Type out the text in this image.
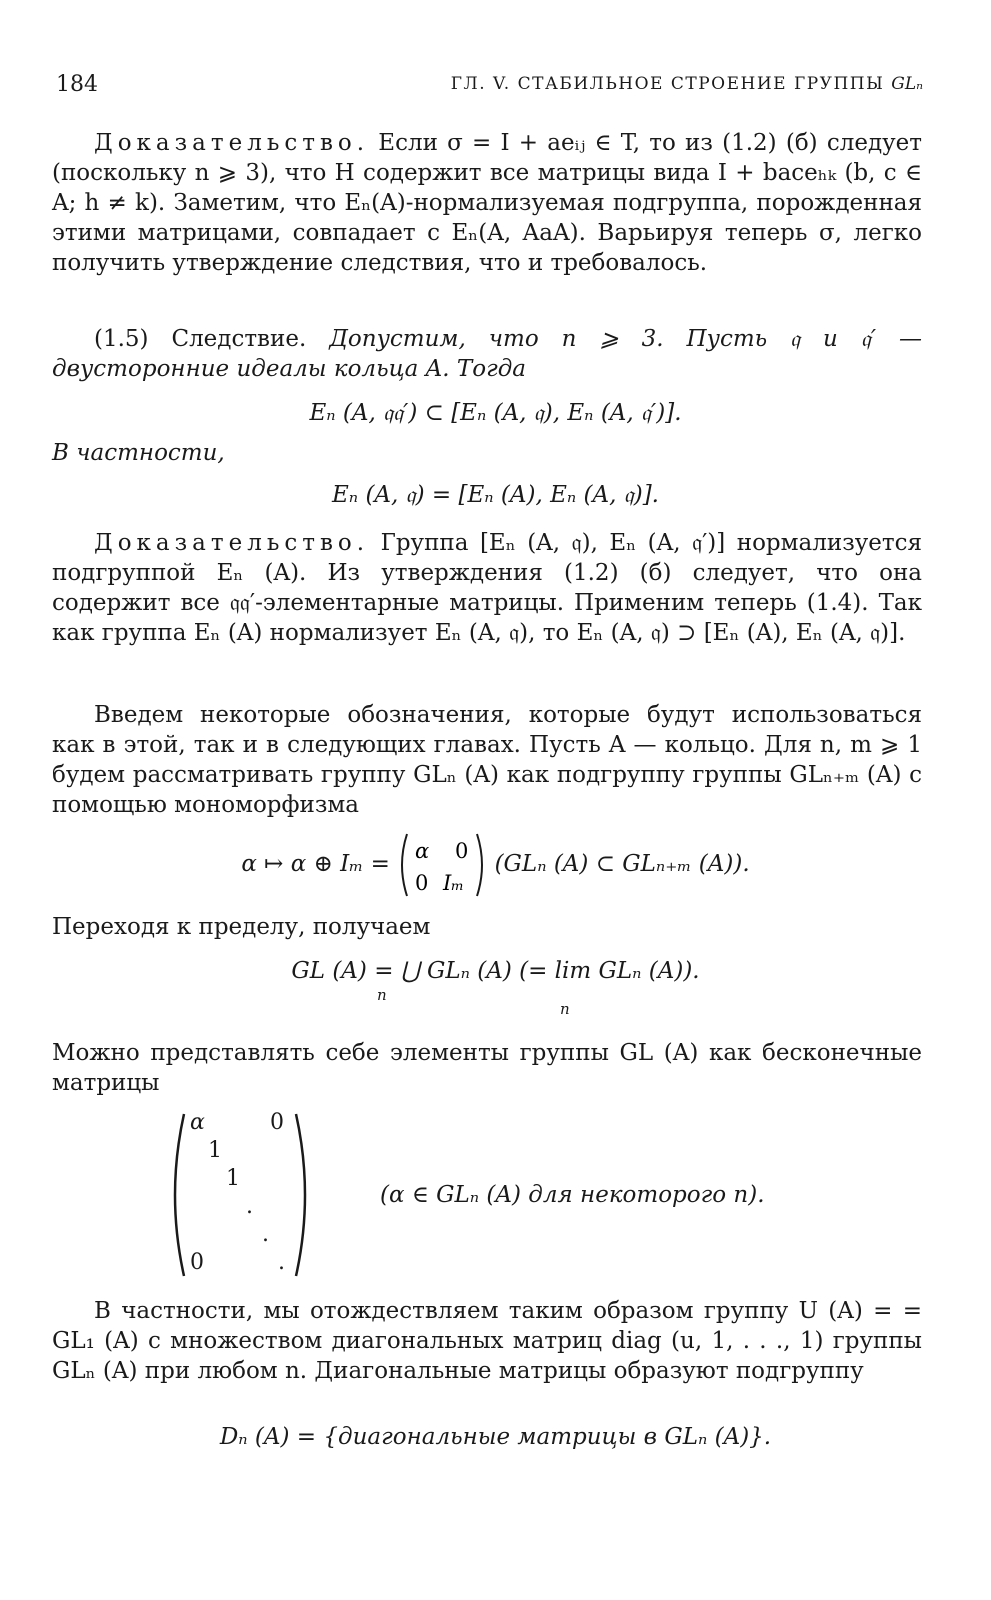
184	ГЛ. V. СТАБИЛЬНОЕ СТРОЕНИЕ ГРУППЫ GLₙ
Доказательство. Если σ = I + aeᵢⱼ ∈ T, то из (1.2) (б) следует (поскольку n ⩾ 3), что H содержит все матрицы вида I + baceₕₖ (b, c ∈ A; h ≠ k). Заметим, что Eₙ(A)-нормализуемая подгруппа, порожденная этими матрицами, совпадает с Eₙ(A, AaA). Варьируя теперь σ, легко получить утверждение следствия, что и требовалось.
(1.5) Следствие. Допустим, что n ⩾ 3. Пусть 𝔮 и 𝔮′ — двусторонние идеалы кольца A. Тогда
Eₙ (A, 𝔮𝔮′) ⊂ [Eₙ (A, 𝔮), Eₙ (A, 𝔮′)].
В частности,
Eₙ (A, 𝔮) = [Eₙ (A), Eₙ (A, 𝔮)].
Доказательство. Группа [Eₙ (A, 𝔮), Eₙ (A, 𝔮′)] нормализуется подгруппой Eₙ (A). Из утверждения (1.2) (б) следует, что она содержит все 𝔮𝔮′-элементарные матрицы. Применим теперь (1.4). Так как группа Eₙ (A) нормализует Eₙ (A, 𝔮), то Eₙ (A, 𝔮) ⊃ [Eₙ (A), Eₙ (A, 𝔮)].
Введем некоторые обозначения, которые будут использоваться как в этой, так и в следующих главах. Пусть A — кольцо. Для n, m ⩾ 1 будем рассматривать группу GLₙ (A) как подгруппу группы GLₙ₊ₘ (A) с помощью мономорфизма
α ↦ α ⊕ Iₘ = α 0
0 Iₘ
(GLₙ (A) ⊂ GLₙ₊ₘ (A)).
Переходя к пределу, получаем
GL (A) = ⋃ GLₙ (A) (= lim GLₙ (A)).
n
n
Можно представлять себе элементы группы GL (A) как бесконечные матрицы
α	0
1
1
.
.
.
0
(α ∈ GLₙ (A) для некоторого n).
В частности, мы отождествляем таким образом группу U (A) = = GL₁ (A) с множеством диагональных матриц diag (u, 1, . . ., 1) группы GLₙ (A) при любом n. Диагональные матрицы образуют подгруппу
Dₙ (A) = {диагональные матрицы в GLₙ (A)}.
